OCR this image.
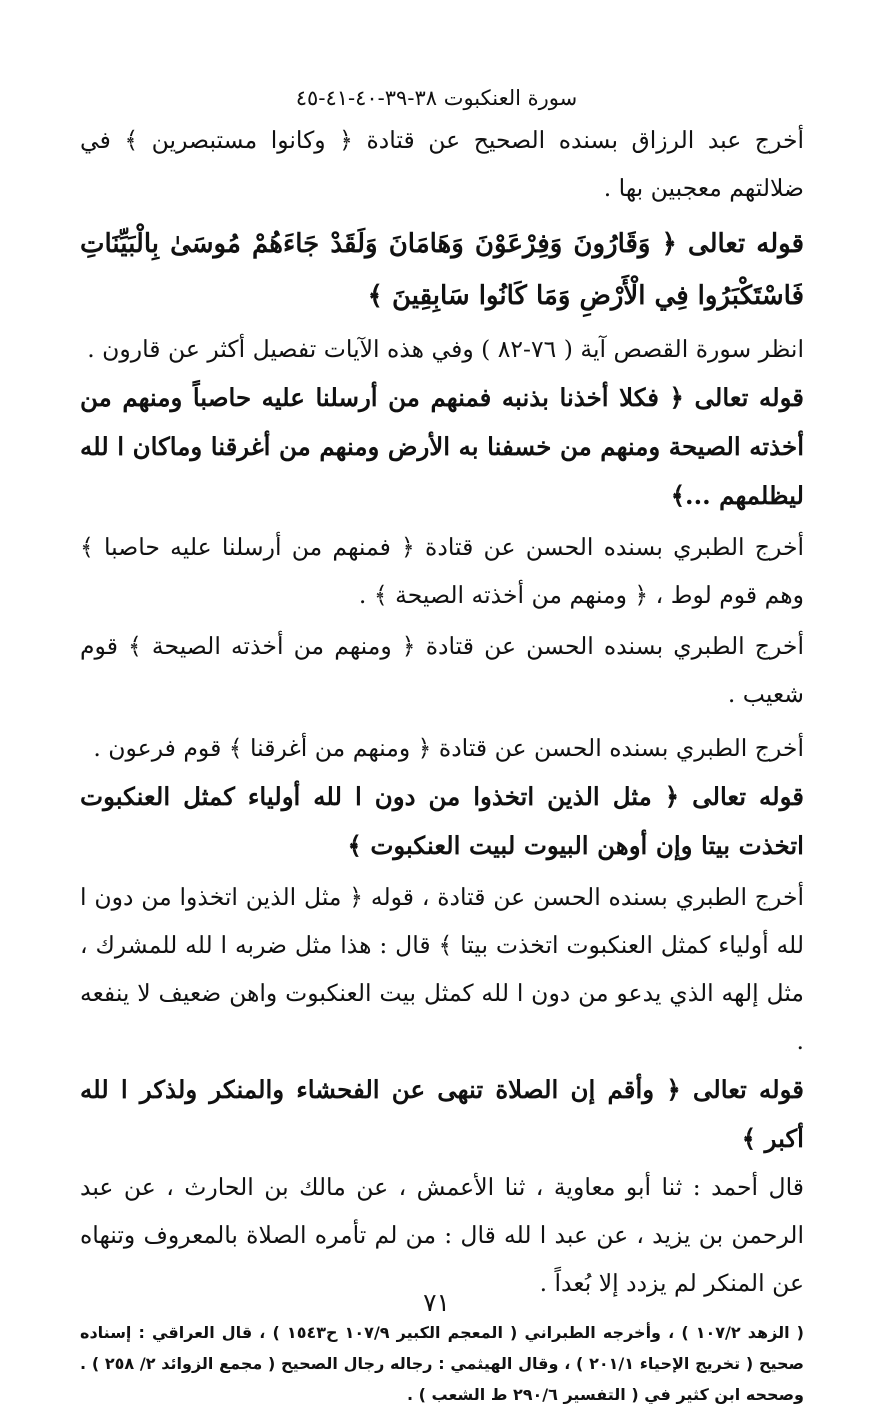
سورة العنكبوت ٣٨-٣٩-٤٠-٤١-٤٥

أخرج عبد الرزاق بسنده الصحيح عن قتادة ﴿ وكانوا مستبصرين ﴾ في ضلالتهم معجبين بها .

قوله تعالى ﴿ وَقَارُونَ وَفِرْعَوْنَ وَهَامَانَ وَلَقَدْ جَاءَهُمْ مُوسَىٰ بِالْبَيِّنَاتِ فَاسْتَكْبَرُوا فِي الْأَرْضِ وَمَا كَانُوا سَابِقِينَ ﴾

انظر سورة القصص آية ( ٧٦-٨٢ ) وفي هذه الآيات تفصيل أكثر عن قارون .

قوله تعالى ﴿ فكلا أخذنا بذنبه فمنهم من أرسلنا عليه حاصباً ومنهم من أخذته الصيحة ومنهم من خسفنا به الأرض ومنهم من أغرقنا وماكان ا لله ليظلمهم ...﴾

أخرج الطبري بسنده الحسن عن قتادة ﴿ فمنهم من أرسلنا عليه حاصبا ﴾ وهم قوم لوط ، ﴿ ومنهم من أخذته الصيحة ﴾ .

أخرج الطبري بسنده الحسن عن قتادة ﴿ ومنهم من أخذته الصيحة ﴾ قوم شعيب .

أخرج الطبري بسنده الحسن عن قتادة ﴿ ومنهم من أغرقنا ﴾ قوم فرعون .

قوله تعالى ﴿ مثل الذين اتخذوا من دون ا لله أولياء كمثل العنكبوت اتخذت بيتا وإن أوهن البيوت لبيت العنكبوت ﴾

أخرج الطبري بسنده الحسن عن قتادة ، قوله ﴿ مثل الذين اتخذوا من دون ا لله أولياء كمثل العنكبوت اتخذت بيتا ﴾ قال : هذا مثل ضربه ا لله للمشرك ، مثل إلهه الذي يدعو من دون ا لله كمثل بيت العنكبوت واهن ضعيف لا ينفعه .

قوله تعالى ﴿ وأقم إن الصلاة تنهى عن الفحشاء والمنكر ولذكر ا لله أكبر ﴾

قال أحمد : ثنا أبو معاوية ، ثنا الأعمش ، عن مالك بن الحارث ، عن عبد الرحمن بن يزيد ، عن عبد ا لله قال : من لم تأمره الصلاة بالمعروف وتنهاه عن المنكر لم يزدد إلا بُعداً .

( الزهد ١٠٧/٢ ) ، وأخرجه الطبراني ( المعجم الكبير ١٠٧/٩ ح١٥٤٣ ) ، قال العراقي : إسناده صحيح ( تخريج الإحياء ٢٠١/١ ) ، وقال الهيثمي : رجاله رجال الصحيح ( مجمع الزوائد ٢/ ٢٥٨ ) . وصححه ابن كثير في ( التفسير ٢٩٠/٦ ط الشعب ) .

٧١
